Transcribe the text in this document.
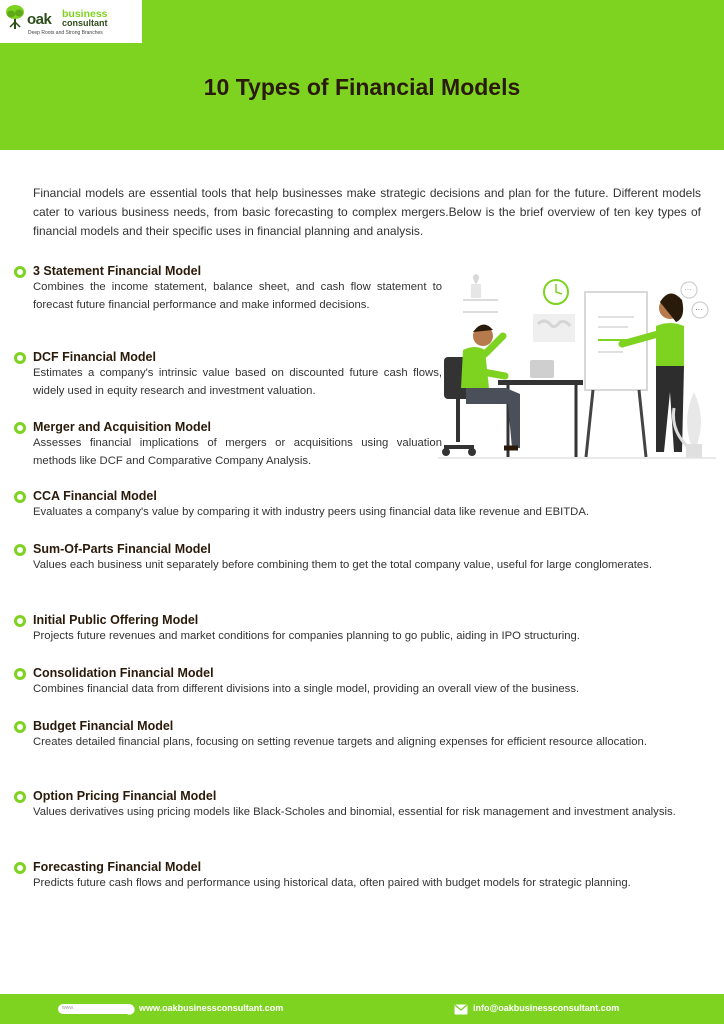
oak business
consultant
Deep Roots and Strong Branches
10 Types of Financial Models

Financial models are essential tools that help businesses make strategic decisions and plan for the future. Different models cater to various business needs, from basic forecasting to complex mergers.Below is the brief overview of ten key types of financial models and their specific uses in financial planning and analysis.

3 Statement Financial Model

Combines the income statement, balance sheet, and cash flow statement to forecast future financial performance and make informed decisions.

DCF Financial Model

Estimates a company's intrinsic value based on discounted future cash flows, widely used in equity research and investment valuation.

Merger and Acquisition Model

Assesses financial implications of mergers or acquisitions using valuation methods like DCF and Comparative Company Analysis.

CCA Financial Model

Evaluates a company's value by comparing it with industry peers using financial data like revenue and EBITDA.

Sum-Of-Parts Financial Model

Values each business unit separately before combining them to get the total company value, useful for large conglomerates.

Initial Public Offering Model

Projects future revenues and market conditions for companies planning to go public, aiding in IPO structuring.

Consolidation Financial Model

Combines financial data from different divisions into a single model, providing an overall view of the business.

Budget Financial Model

Creates detailed financial plans, focusing on setting revenue targets and aligning expenses for efficient resource allocation.

Option Pricing Financial Model

Values derivatives using pricing models like Black-Scholes and binomial, essential for risk management and investment analysis.

Forecasting Financial Model

Predicts future cash flows and performance using historical data, often paired with budget models for strategic planning.

···
···
www.	www.oakbusinessconsultant.com	info@oakbusinessconsultant.com
